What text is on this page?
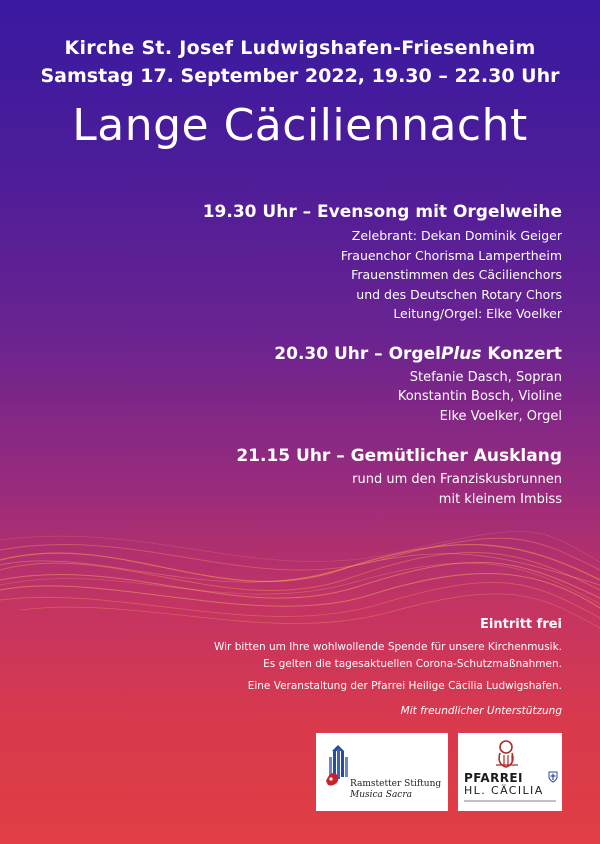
Kirche St. Josef Ludwigshafen-Friesenheim
Samstag 17. September 2022, 19.30 – 22.30 Uhr
Lange Cäciliennacht
19.30 Uhr – Evensong mit Orgelweihe
Zelebrant: Dekan Dominik Geiger
Frauenchor Chorisma Lampertheim
Frauenstimmen des Cäcilienchors
und des Deutschen Rotary Chors
Leitung/Orgel: Elke Voelker
20.30 Uhr – OrgelPlus Konzert
Stefanie Dasch, Sopran
Konstantin Bosch, Violine
Elke Voelker, Orgel
21.15 Uhr – Gemütlicher Ausklang
rund um den Franziskusbrunnen
mit kleinem Imbiss
Eintritt frei
Wir bitten um Ihre wohlwollende Spende für unsere Kirchenmusik.
Es gelten die tagesaktuellen Corona-Schutzmaßnahmen.
Eine Veranstaltung der Pfarrei Heilige Cäcilia Ludwigshafen.
Mit freundlicher Unterstützung
Ramstetter Stiftung
Musica Sacra
PFARREI
HL. CÄCILIA
